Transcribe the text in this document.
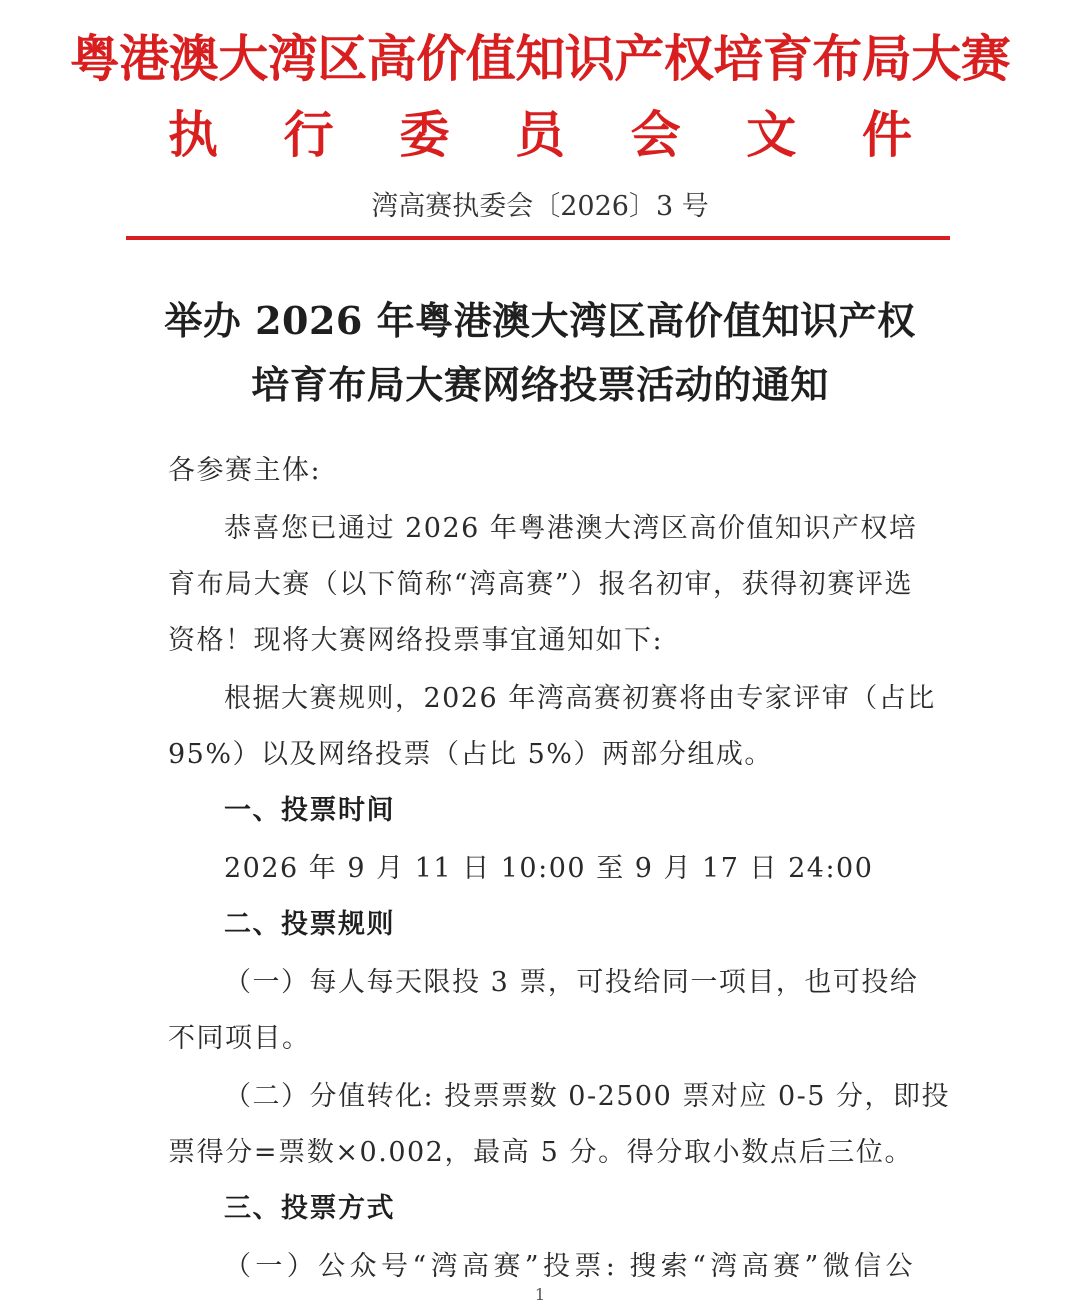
粤港澳大湾区高价值知识产权培育布局大赛
执 行 委 员 会 文 件
湾高赛执委会〔2026〕3 号
举办 2026 年粤港澳大湾区高价值知识产权
培育布局大赛网络投票活动的通知
各参赛主体:
恭喜您已通过 2026 年粤港澳大湾区高价值知识产权培
育布局大赛（以下简称“湾高赛”）报名初审，获得初赛评选
资格！现将大赛网络投票事宜通知如下:
根据大赛规则，2026 年湾高赛初赛将由专家评审（占比
95%）以及网络投票（占比 5%）两部分组成。
一、投票时间
2026 年 9 月 11 日 10:00 至 9 月 17 日 24:00
二、投票规则
（一）每人每天限投 3 票，可投给同一项目，也可投给
不同项目。
（二）分值转化: 投票票数 0-2500 票对应 0-5 分，即投
票得分=票数×0.002，最高 5 分。得分取小数点后三位。
三、投票方式
（一）公众号“湾高赛”投票: 搜索“湾高赛”微信公
1
